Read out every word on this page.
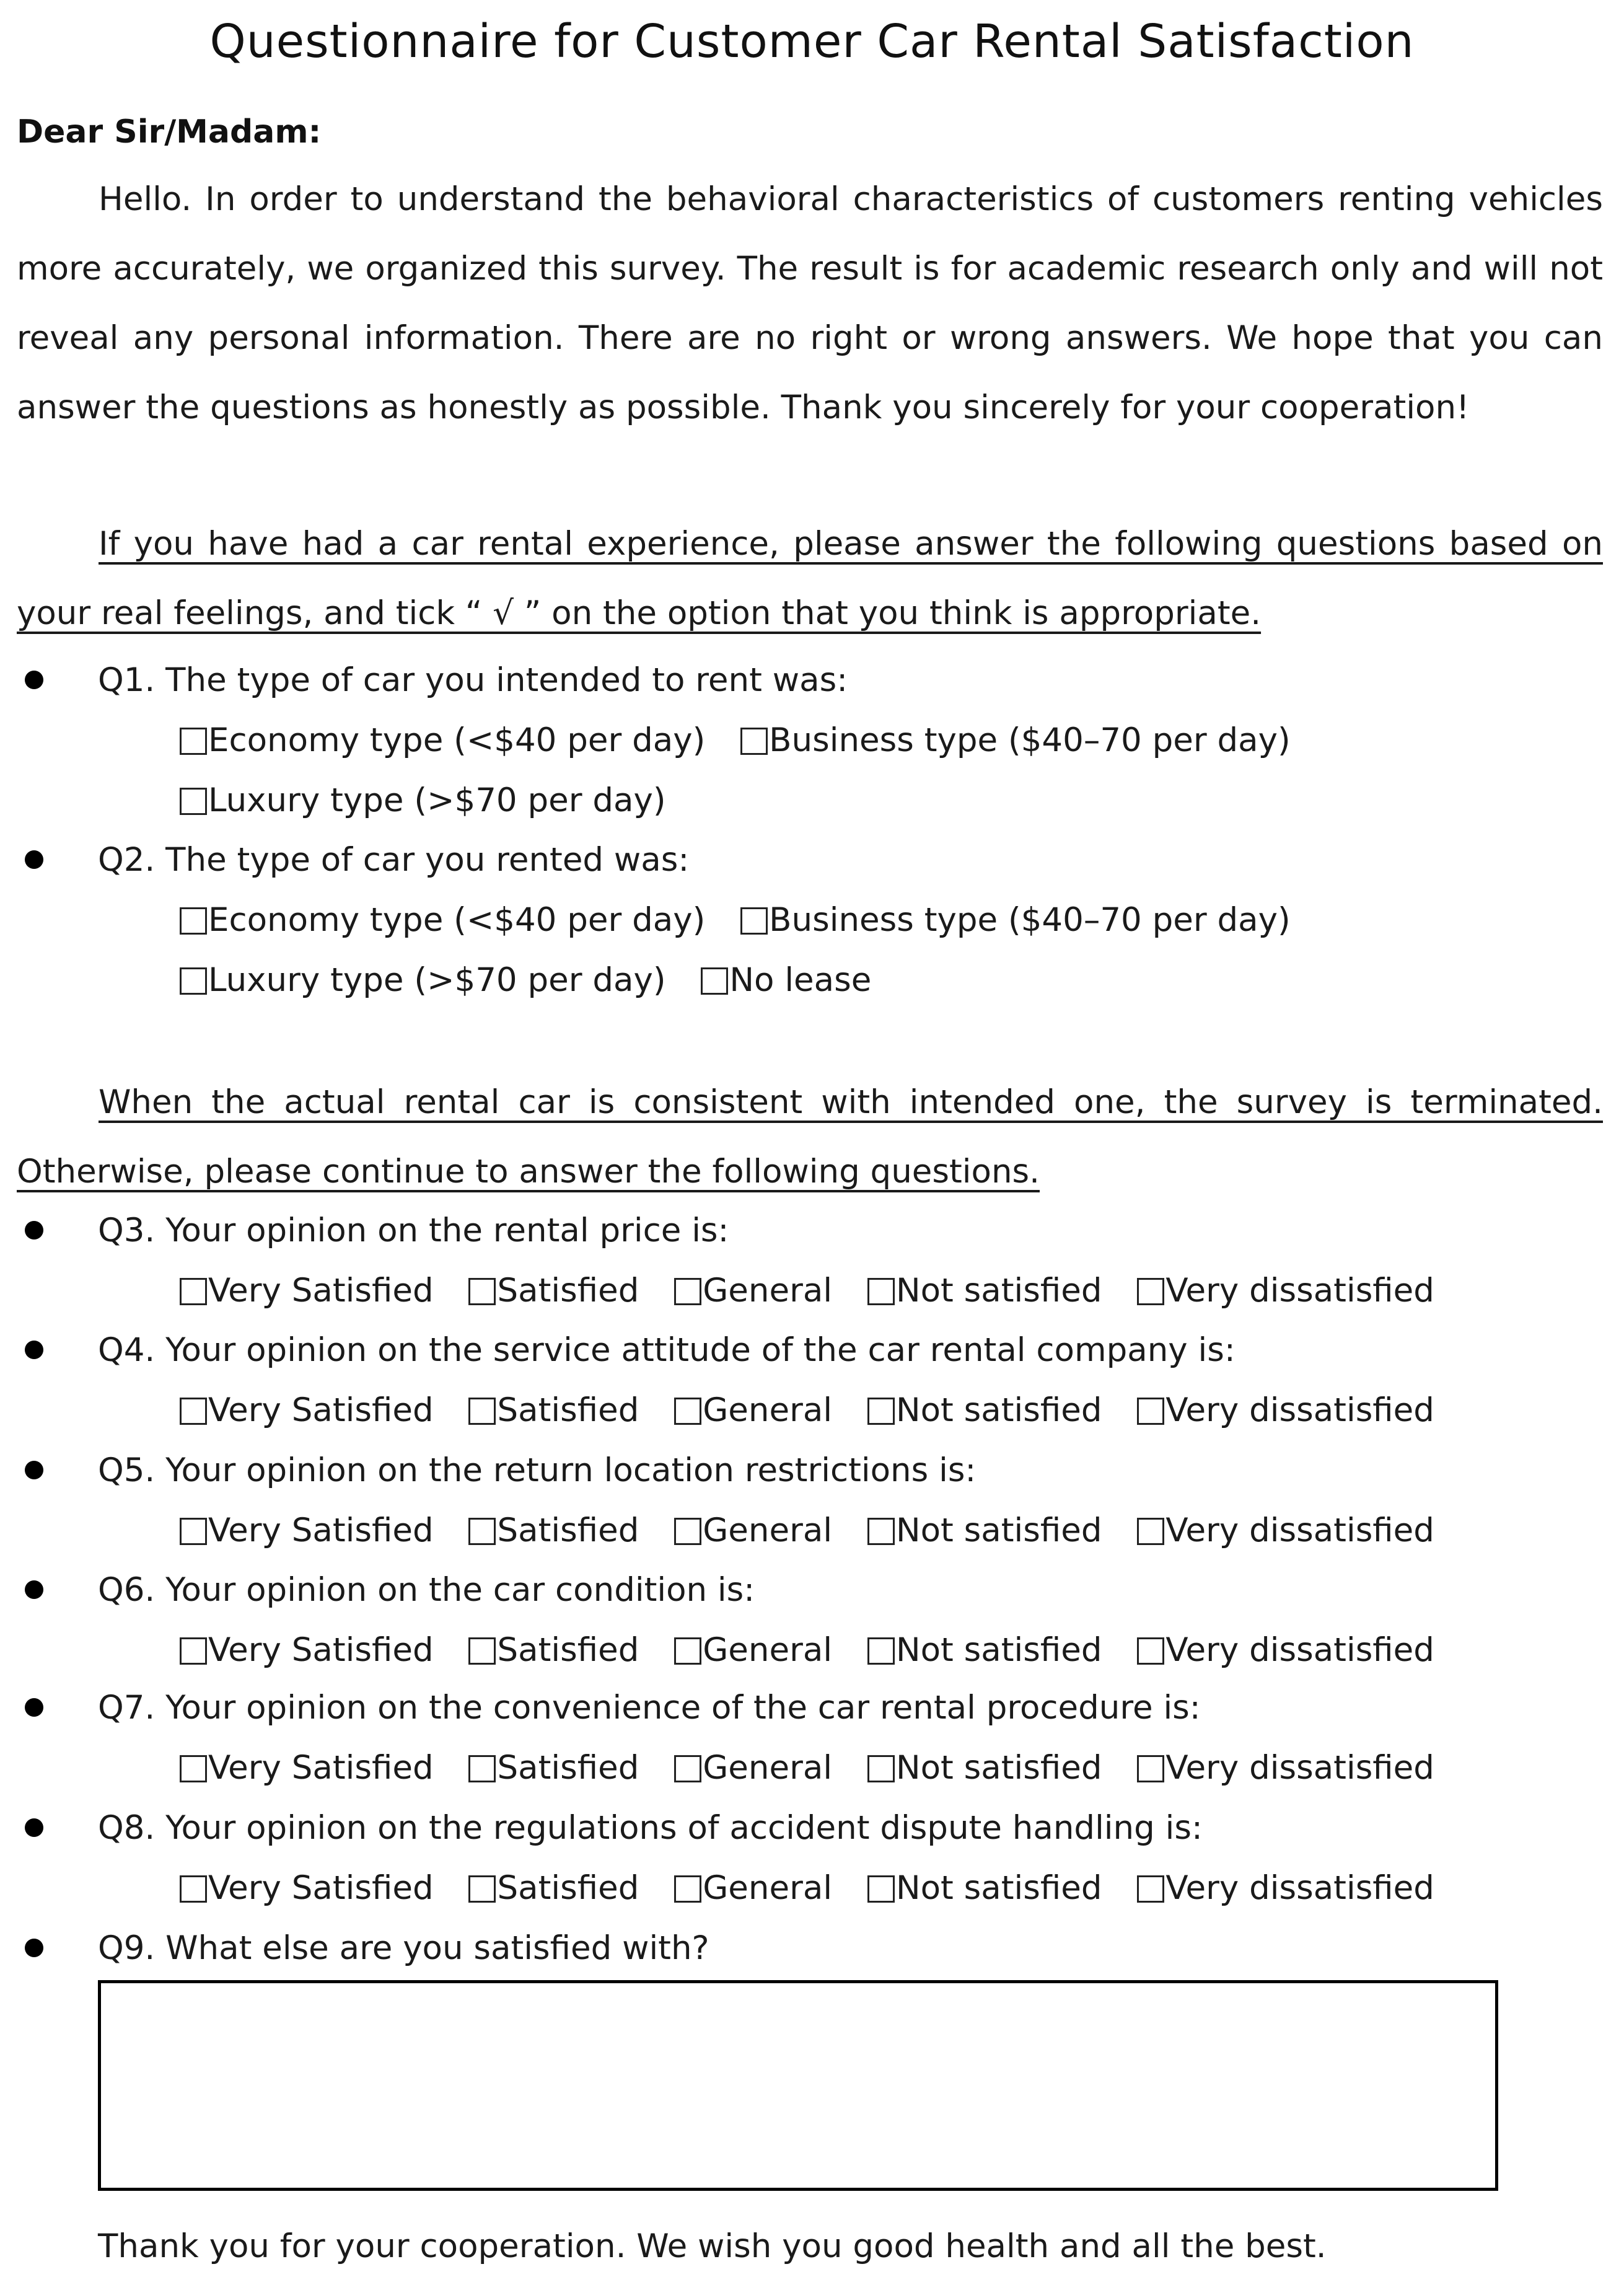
Questionnaire for Customer Car Rental Satisfaction
Dear Sir/Madam:
Hello. In order to understand the behavioral characteristics of customers renting vehicles more accurately, we organized this survey. The result is for academic research only and will not reveal any personal information. There are no right or wrong answers. We hope that you can answer the questions as honestly as possible. Thank you sincerely for your cooperation!
If you have had a car rental experience, please answer the following questions based on your real feelings, and tick “ √ ” on the option that you think is appropriate.
Q1. The type of car you intended to rent was:
Economy type (<$40 per day) Business type ($40–70 per day)
Luxury type (>$70 per day)
Q2. The type of car you rented was:
Economy type (<$40 per day) Business type ($40–70 per day)
Luxury type (>$70 per day) No lease
When the actual rental car is consistent with intended one, the survey is terminated. Otherwise, please continue to answer the following questions.
Q3. Your opinion on the rental price is:
Very Satisfied Satisfied General Not satisfied Very dissatisfied
Q4. Your opinion on the service attitude of the car rental company is:
Very Satisfied Satisfied General Not satisfied Very dissatisfied
Q5. Your opinion on the return location restrictions is:
Very Satisfied Satisfied General Not satisfied Very dissatisfied
Q6. Your opinion on the car condition is:
Very Satisfied Satisfied General Not satisfied Very dissatisfied
Q7. Your opinion on the convenience of the car rental procedure is:
Very Satisfied Satisfied General Not satisfied Very dissatisfied
Q8. Your opinion on the regulations of accident dispute handling is:
Very Satisfied Satisfied General Not satisfied Very dissatisfied
Q9. What else are you satisfied with?
Thank you for your cooperation. We wish you good health and all the best.
